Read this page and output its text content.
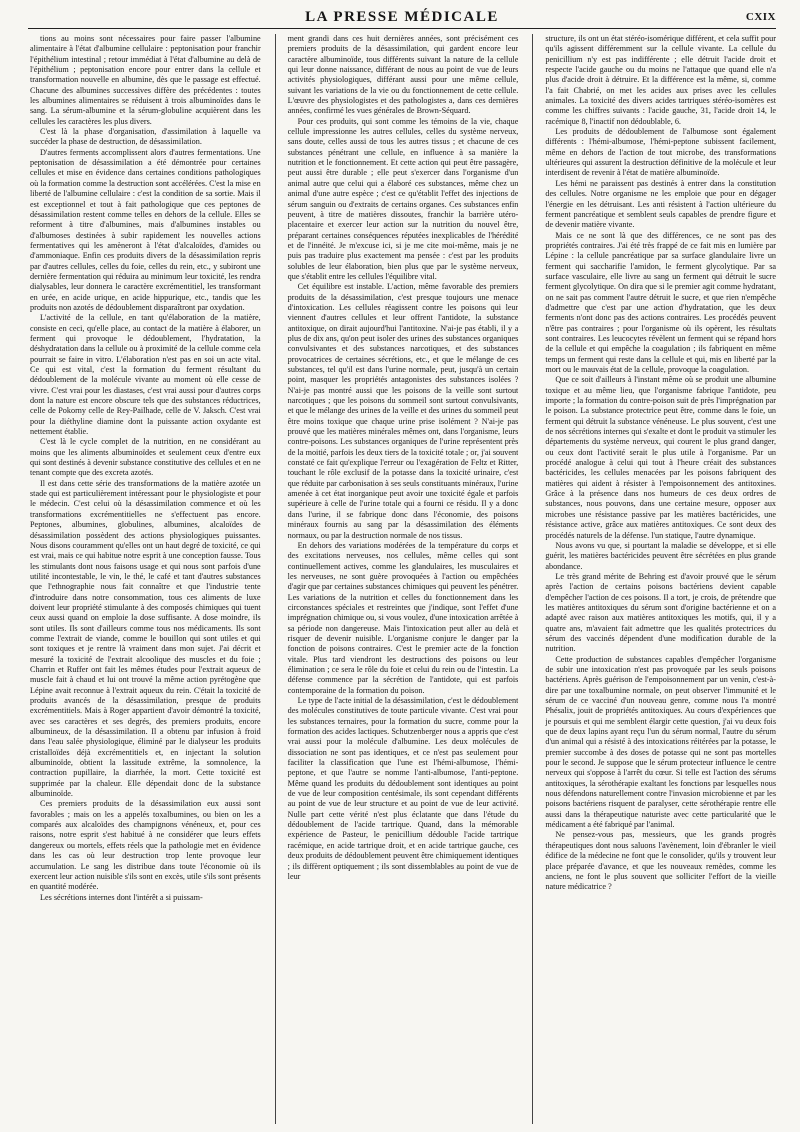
LA PRESSE MÉDICALE	CXIX

tions au moins sont nécessaires pour faire passer l'albumine alimentaire à l'état d'albumine cellulaire : peptonisation pour franchir l'épithélium intestinal ; retour immédiat à l'état d'albumine au delà de l'épithélium ; peptonisation encore pour entrer dans la cellule et transformation nouvelle en albumine, dès que le passage est effectué. Chacune des albumines successives diffère des précédentes : toutes les albumines alimentaires se réduisent à trois albuminoïdes dans le sang. La sérum-albumine et la sérum-globuline acquièrent dans les cellules les caractères les plus divers.

C'est là la phase d'organisation, d'assimilation à laquelle va succéder la phase de destruction, de désassimilation.

D'autres ferments accomplissent alors d'autres fermentations. Une peptonisation de désassimilation a été démontrée pour certaines cellules et mise en évidence dans certaines conditions pathologiques où la formation comme la destruction sont accélérées. C'est la mise en liberté de l'albumine cellulaire : c'est la condition de sa sortie. Mais il est exceptionnel et tout à fait pathologique que ces peptones de désassimilation restent comme telles en dehors de la cellule. Elles se reforment à titre d'albumines, mais d'albumines instables ou d'albumoses destinées à subir rapidement les nouvelles actions fermentatives qui les amèneront à l'état d'alcaloïdes, d'amides ou d'ammoniaque. Enfin ces produits divers de la désassimilation repris par d'autres cellules, celles du foie, celles du rein, etc., y subiront une dernière fermentation qui réduira au minimum leur toxicité, les rendra dialysables, leur donnera le caractère excrémentitiel, les transformant en urée, en acide urique, en acide hippurique, etc., tandis que les produits non azotés de dédoublement disparaîtront par oxydation.

L'activité de la cellule, en tant qu'élaboration de la matière, consiste en ceci, qu'elle place, au contact de la matière à élaborer, un ferment qui provoque le dédoublement, l'hydratation, la déshydratation dans la cellule ou à proximité de la cellule comme cela pourrait se faire in vitro. L'élaboration n'est pas en soi un acte vital. Ce qui est vital, c'est la formation du ferment résultant du dédoublement de la molécule vivante au moment où elle cesse de vivre. C'est vrai pour les diastases, c'est vrai aussi pour d'autres corps dont la nature est encore obscure tels que des substances réductrices, celle de Pokorny celle de Rey-Pailhade, celle de V. Jaksch. C'est vrai pour la diéthyline diamine dont la puissante action oxydante est nettement établie.

C'est là le cycle complet de la nutrition, en ne considérant au moins que les aliments albuminoïdes et seulement ceux d'entre eux qui sont destinés à devenir substance constitutive des cellules et en ne tenant compte que des excreta azotés.

Il est dans cette série des transformations de la matière azotée un stade qui est particulièrement intéressant pour le physiologiste et pour le médecin. C'est celui où la désassimilation commence et où les transformations excrémentitielles ne s'effectuent pas encore. Peptones, albumines, globulines, albumines, alcaloïdes de désassimilation possèdent des actions physiologiques puissantes. Nous disons couramment qu'elles ont un haut degré de toxicité, ce qui est vrai, mais ce qui habitue notre esprit à une conception fausse. Tous les stimulants dont nous faisons usage et qui nous sont parfois d'une utilité incontestable, le vin, le thé, le café et tant d'autres substances que l'ethnographie nous fait connaître et que l'industrie tente d'introduire dans notre consommation, tous ces aliments de luxe doivent leur propriété stimulante à des composés chimiques qui tuent ceux aussi quand on emploie la dose suffisante. A dose moindre, ils sont utiles. Ils sont d'ailleurs comme tous nos médicaments. Ils sont comme l'extrait de viande, comme le bouillon qui sont utiles et qui sont toxiques et je rentre là vraiment dans mon sujet. J'ai décrit et mesuré la toxicité de l'extrait alcoolique des muscles et du foie ; Charrin et Ruffer ont fait les mêmes études pour l'extrait aqueux de muscle fait à chaud et lui ont trouvé la même action pyrétogène que Lépine avait reconnue à l'extrait aqueux du rein. C'était la toxicité de produits avancés de la désassimilation, presque de produits excrémentitiels. Mais à Roger appartient d'avoir démontré la toxicité, avec ses caractères et ses degrés, des premiers produits, encore albumineux, de la désassimilation. Il a obtenu par infusion à froid dans l'eau salée physiologique, éliminé par le dialyseur les produits cristalloïdes déjà excrémentitiels et, en injectant la solution albuminoïde, obtient la lassitude extrême, la somnolence, la contraction pupillaire, la diarrhée, la mort. Cette toxicité est supprimée par la chaleur. Elle dépendait donc de la substance albuminoïde.

Ces premiers produits de la désassimilation eux aussi sont favorables ; mais on les a appelés toxalbumines, ou bien on les a comparés aux alcaloïdes des champignons vénéneux, et, pour ces raisons, notre esprit s'est habitué à ne considérer que leurs effets dangereux ou mortels, effets réels que la pathologie met en évidence dans les cas où leur destruction trop lente provoque leur accumulation. Le sang les distribue dans toute l'économie où ils exercent leur action nuisible s'ils sont en excès, utile s'ils sont présents en quantité modérée.

Les sécrétions internes dont l'intérêt a si puissam-

ment grandi dans ces huit dernières années, sont précisément ces premiers produits de la désassimilation, qui gardent encore leur caractère albuminoïde, tous différents suivant la nature de la cellule qui leur donne naissance, différant de nous au point de vue de leurs activités physiologiques, différant aussi pour une même cellule, suivant les variations de la vie ou du fonctionnement de cette cellule. L'œuvre des physiologistes et des pathologistes a, dans ces dernières années, confirmé les vues générales de Brown-Séquard.

Pour ces produits, qui sont comme les témoins de la vie, chaque cellule impressionne les autres cellules, celles du système nerveux, sans doute, celles aussi de tous les autres tissus ; et chacune de ces substances pénétrant une cellule, en influence à sa manière la nutrition et le fonctionnement. Et cette action qui peut être passagère, peut aussi être durable ; elle peut s'exercer dans l'organisme d'un animal autre que celui qui a élaboré ces substances, même chez un animal d'une autre espèce ; c'est ce qu'établit l'effet des injections de sérum sanguin ou d'extraits de certains organes. Ces substances enfin peuvent, à titre de matières dissoutes, franchir la barrière utéro-placentaire et exercer leur action sur la nutrition du nouvel être, préparant certaines conséquences réputées inexplicables de l'hérédité et de l'innéité. Je m'excuse ici, si je me cite moi-même, mais je ne puis pas traduire plus exactement ma pensée : c'est par les produits solubles de leur élaboration, bien plus que par le système nerveux, que s'établit entre les cellules l'équilibre vital.

Cet équilibre est instable. L'action, même favorable des premiers produits de la désassimilation, c'est presque toujours une menace d'intoxication. Les cellules réagissent contre les poisons qui leur viennent d'autres cellules et leur offrent l'antidote, la substance antitoxique, on dirait aujourd'hui l'antitoxine. N'ai-je pas établi, il y a plus de dix ans, qu'on peut isoler des urines des substances organiques convulsivantes et des substances narcotiques, et des substances provocatrices de certaines sécrétions, etc., et que le mélange de ces substances, tel qu'il est dans l'urine normale, peut, jusqu'à un certain point, masquer les propriétés antagonistes des substances isolées ? N'ai-je pas montré aussi que les poisons de la veille sont surtout narcotiques ; que les poisons du sommeil sont surtout convulsivants, et que le mélange des urines de la veille et des urines du sommeil peut être moins toxique que chaque urine prise isolément ? N'ai-je pas prouvé que les matières minérales mêmes ont, dans l'organisme, leurs contre-poisons. Les substances organiques de l'urine représentent près de la moitié, parfois les deux tiers de la toxicité totale ; or, j'ai souvent constaté ce fait qu'explique l'erreur ou l'exagération de Feltz et Ritter, touchant le rôle exclusif de la potasse dans la toxicité urinaire, c'est que réduite par carbonisation à ses seuls constituants minéraux, l'urine amenée à cet état inorganique peut avoir une toxicité égale et parfois supérieure à celle de l'urine totale qui a fourni ce résidu. Il y a donc dans l'urine, il se fabrique donc dans l'économie, des poisons minéraux fournis au sang par la désassimilation des éléments normaux, ou par la destruction normale de nos tissus.

En dehors des variations modérées de la température du corps et des excitations nerveuses, nos cellules, même celles qui sont continuellement actives, comme les glandulaires, les musculaires et les nerveuses, ne sont guère provoquées à l'action ou empêchées d'agir que par certaines substances chimiques qui peuvent les pénétrer. Les variations de la nutrition et celles du fonctionnement dans les circonstances spéciales et restreintes que j'indique, sont l'effet d'une imprégnation chimique ou, si vous voulez, d'une intoxication arrêtée à sa période non dangereuse. Mais l'intoxication peut aller au delà et risquer de devenir nuisible. L'organisme conjure le danger par la fonction de poisons contraires. C'est le premier acte de la fonction vitale. Plus tard viendront les destructions des poisons ou leur élimination ; ce sera le rôle du foie et celui du rein ou de l'intestin. La défense commence par la sécrétion de l'antidote, qui est parfois contemporaine de la formation du poison.

Le type de l'acte initial de la désassimilation, c'est le dédoublement des molécules constitutives de toute particule vivante. C'est vrai pour les substances ternaires, pour la formation du sucre, comme pour la formation des acides lactiques. Schutzenberger nous a appris que c'est vrai aussi pour la molécule d'albumine. Les deux molécules de dissociation ne sont pas identiques, et ce n'est pas seulement pour faciliter la classification que l'une est l'hémi-albumose, l'hémi-peptone, et que l'autre se nomme l'anti-albumose, l'anti-peptone. Même quand les produits du dédoublement sont identiques au point de vue de leur composition centésimale, ils sont cependant différents au point de vue de leur structure et au point de vue de leur activité. Nulle part cette vérité n'est plus éclatante que dans l'étude du dédoublement de l'acide tartrique. Quand, dans la mémorable expérience de Pasteur, le penicillium dédouble l'acide tartrique racémique, en acide tartrique droit, et en acide tartrique gauche, ces deux produits de dédoublement peuvent être chimiquement identiques ; ils diffèrent optiquement ; ils sont dissemblables au point de vue de leur

structure, ils ont un état stéréo-isomérique différent, et cela suffit pour qu'ils agissent différemment sur la cellule vivante. La cellule du penicillium n'y est pas indifférente ; elle détruit l'acide droit et respecte l'acide gauche ou du moins ne l'attaque que quand elle n'a plus d'acide droit à détruire. Et la différence est la même, si, comme l'a fait Chabrié, on met les acides aux prises avec les cellules animales. La toxicité des divers acides tartriques stéréo-isomères est comme les chiffres suivants : l'acide gauche, 31, l'acide droit 14, le racémique 8, l'inactif non dédoublable, 6.

Les produits de dédoublement de l'albumose sont également différents : l'hémi-albumose, l'hémi-peptone subissent facilement, même en dehors de l'action de tout microbe, des transformations ultérieures qui assurent la destruction définitive de la molécule et leur interdisent de revenir à l'état de matière albuminoïde.

Les hémi ne paraissent pas destinés à entrer dans la constitution des cellules. Notre organisme ne les emploie que pour en dégager l'énergie en les détruisant. Les anti résistent à l'action ultérieure du ferment pancréatique et semblent seuls capables de prendre figure et de devenir matière vivante.

Mais ce ne sont là que des différences, ce ne sont pas des propriétés contraires. J'ai été très frappé de ce fait mis en lumière par Lépine : la cellule pancréatique par sa surface glandulaire livre un ferment qui saccharifie l'amidon, le ferment glycolytique. Par sa surface vasculaire, elle livre au sang un ferment qui détruit le sucre ferment glycolytique. On dira que si le premier agit comme hydratant, on ne sait pas comment l'autre détruit le sucre, et que rien n'empêche d'admettre que c'est par une action d'hydratation, que les deux ferments n'ont donc pas des actions contraires. Les procédés peuvent n'être pas contraires ; pour l'organisme où ils opèrent, les résultats sont contraires. Les leucocytes révèlent un ferment qui se répand hors de la cellule et qui empêche la coagulation ; ils fabriquent en même temps un ferment qui reste dans la cellule et qui, mis en liberté par la mort ou le mauvais état de la cellule, provoque la coagulation.

Que ce soit d'ailleurs à l'instant même où se produit une albumine toxique et au même lieu, que l'organisme fabrique l'antidote, peu importe ; la formation du contre-poison suit de près l'imprégnation par le poison. La substance protectrice peut être, comme dans le foie, un ferment qui détruit la substance vénéneuse. Le plus souvent, c'est une de nos sécrétions internes qui s'exalte et dont le produit va stimuler les départements du système nerveux, qui courent le plus grand danger, ou ceux dont l'activité serait le plus utile à l'organisme. Par un procédé analogue à celui qui tout à l'heure créait des substances bactéricides, les cellules menacées par les poisons fabriquent des matières qui aident à résister à l'empoisonnement des antitoxines. Grâce à la présence dans nos humeurs de ces deux ordres de substances, nous pouvons, dans une certaine mesure, opposer aux microbes une résistance passive par les matières bactéricides, une résistance active, grâce aux matières antitoxiques. Ce sont deux des procédés naturels de la défense. l'un statique, l'autre dynamique.

Nous avons vu que, si pourtant la maladie se développe, et si elle guérit, les matières bactéricides peuvent être sécrétées en plus grande abondance.

Le très grand mérite de Behring est d'avoir prouvé que le sérum après l'action de certains poisons bactériens devient capable d'empêcher l'action de ces poisons. Il a tort, je crois, de prétendre que les matières antitoxiques du sérum sont d'origine bactérienne et on a adapté avec raison aux matières antitoxiques les motifs, qui, il y a quatre ans, m'avaient fait admettre que les qualités protectrices du sérum des vaccinés dépendent d'une modification durable de la nutrition.

Cette production de substances capables d'empêcher l'organisme de subir une intoxication n'est pas provoquée par les seuls poisons bactériens. Après guérison de l'empoisonnement par un venin, c'est-à-dire par une toxalbumine normale, on peut observer l'immunité et le sérum de ce vacciné d'un nouveau genre, comme nous l'a montré Phésalix, jouit de propriétés antitoxiques. Au cours d'expériences que je poursuis et qui me semblent élargir cette question, j'ai vu deux fois que de deux lapins ayant reçu l'un du sérum normal, l'autre du sérum d'un animal qui a résisté à des intoxications réitérées par la potasse, le premier succombe à des doses de potasse qui ne sont pas mortelles pour le second. Je suppose que le sérum protecteur influence le centre nerveux qui s'oppose à l'arrêt du cœur. Si telle est l'action des sérums antitoxiques, la sérothérapie exaltant les fonctions par lesquelles nous nous défendons naturellement contre l'invasion microbienne et par les poisons bactériens risquent de paralyser, cette sérothérapie rentre elle aussi dans la thérapeutique naturiste avec cette particularité que le médicament a été fabriqué par l'animal.

Ne pensez-vous pas, messieurs, que les grands progrès thérapeutiques dont nous saluons l'avènement, loin d'ébranler le vieil édifice de la médecine ne font que le consolider, qu'ils y trouvent leur place préparée d'avance, et que les nouveaux remèdes, comme les anciens, ne font le plus souvent que solliciter l'effort de la vieille nature médicatrice ?
